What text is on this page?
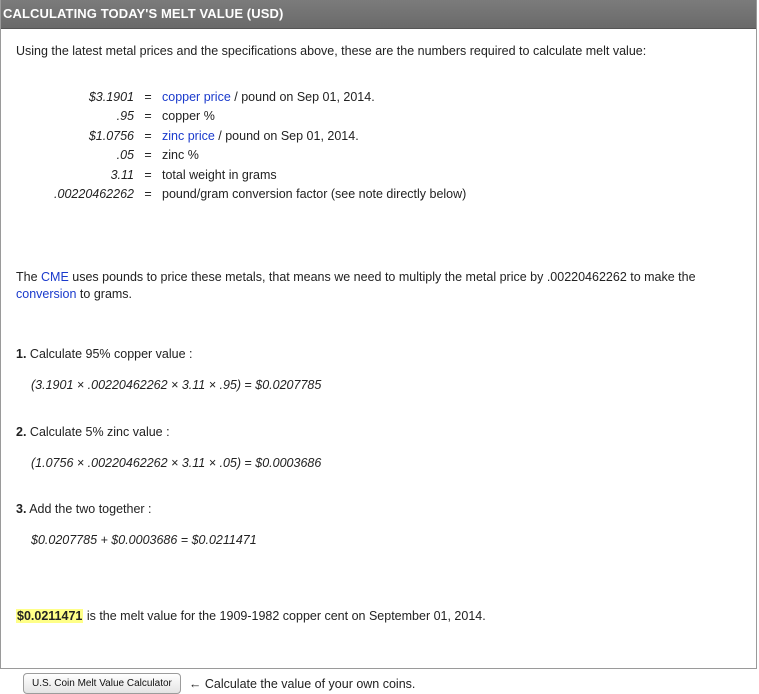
CALCULATING TODAY'S MELT VALUE (USD)
Using the latest metal prices and the specifications above, these are the numbers required to calculate melt value:
$3.1901	=	copper price / pound on Sep 01, 2014.
.95	=	copper %
$1.0756	=	zinc price / pound on Sep 01, 2014.
.05	=	zinc %
3.11	=	total weight in grams
.00220462262	=	pound/gram conversion factor (see note directly below)
The CME uses pounds to price these metals, that means we need to multiply the metal price by .00220462262 to make the conversion to grams.
1. Calculate 95% copper value :
(3.1901 × .00220462262 × 3.11 × .95) = $0.0207785
2. Calculate 5% zinc value :
(1.0756 × .00220462262 × 3.11 × .05) = $0.0003686
3. Add the two together :
$0.0207785 + $0.0003686 = $0.0211471
$0.0211471 is the melt value for the 1909-1982 copper cent on September 01, 2014.
U.S. Coin Melt Value Calculator	← Calculate the value of your own coins.
